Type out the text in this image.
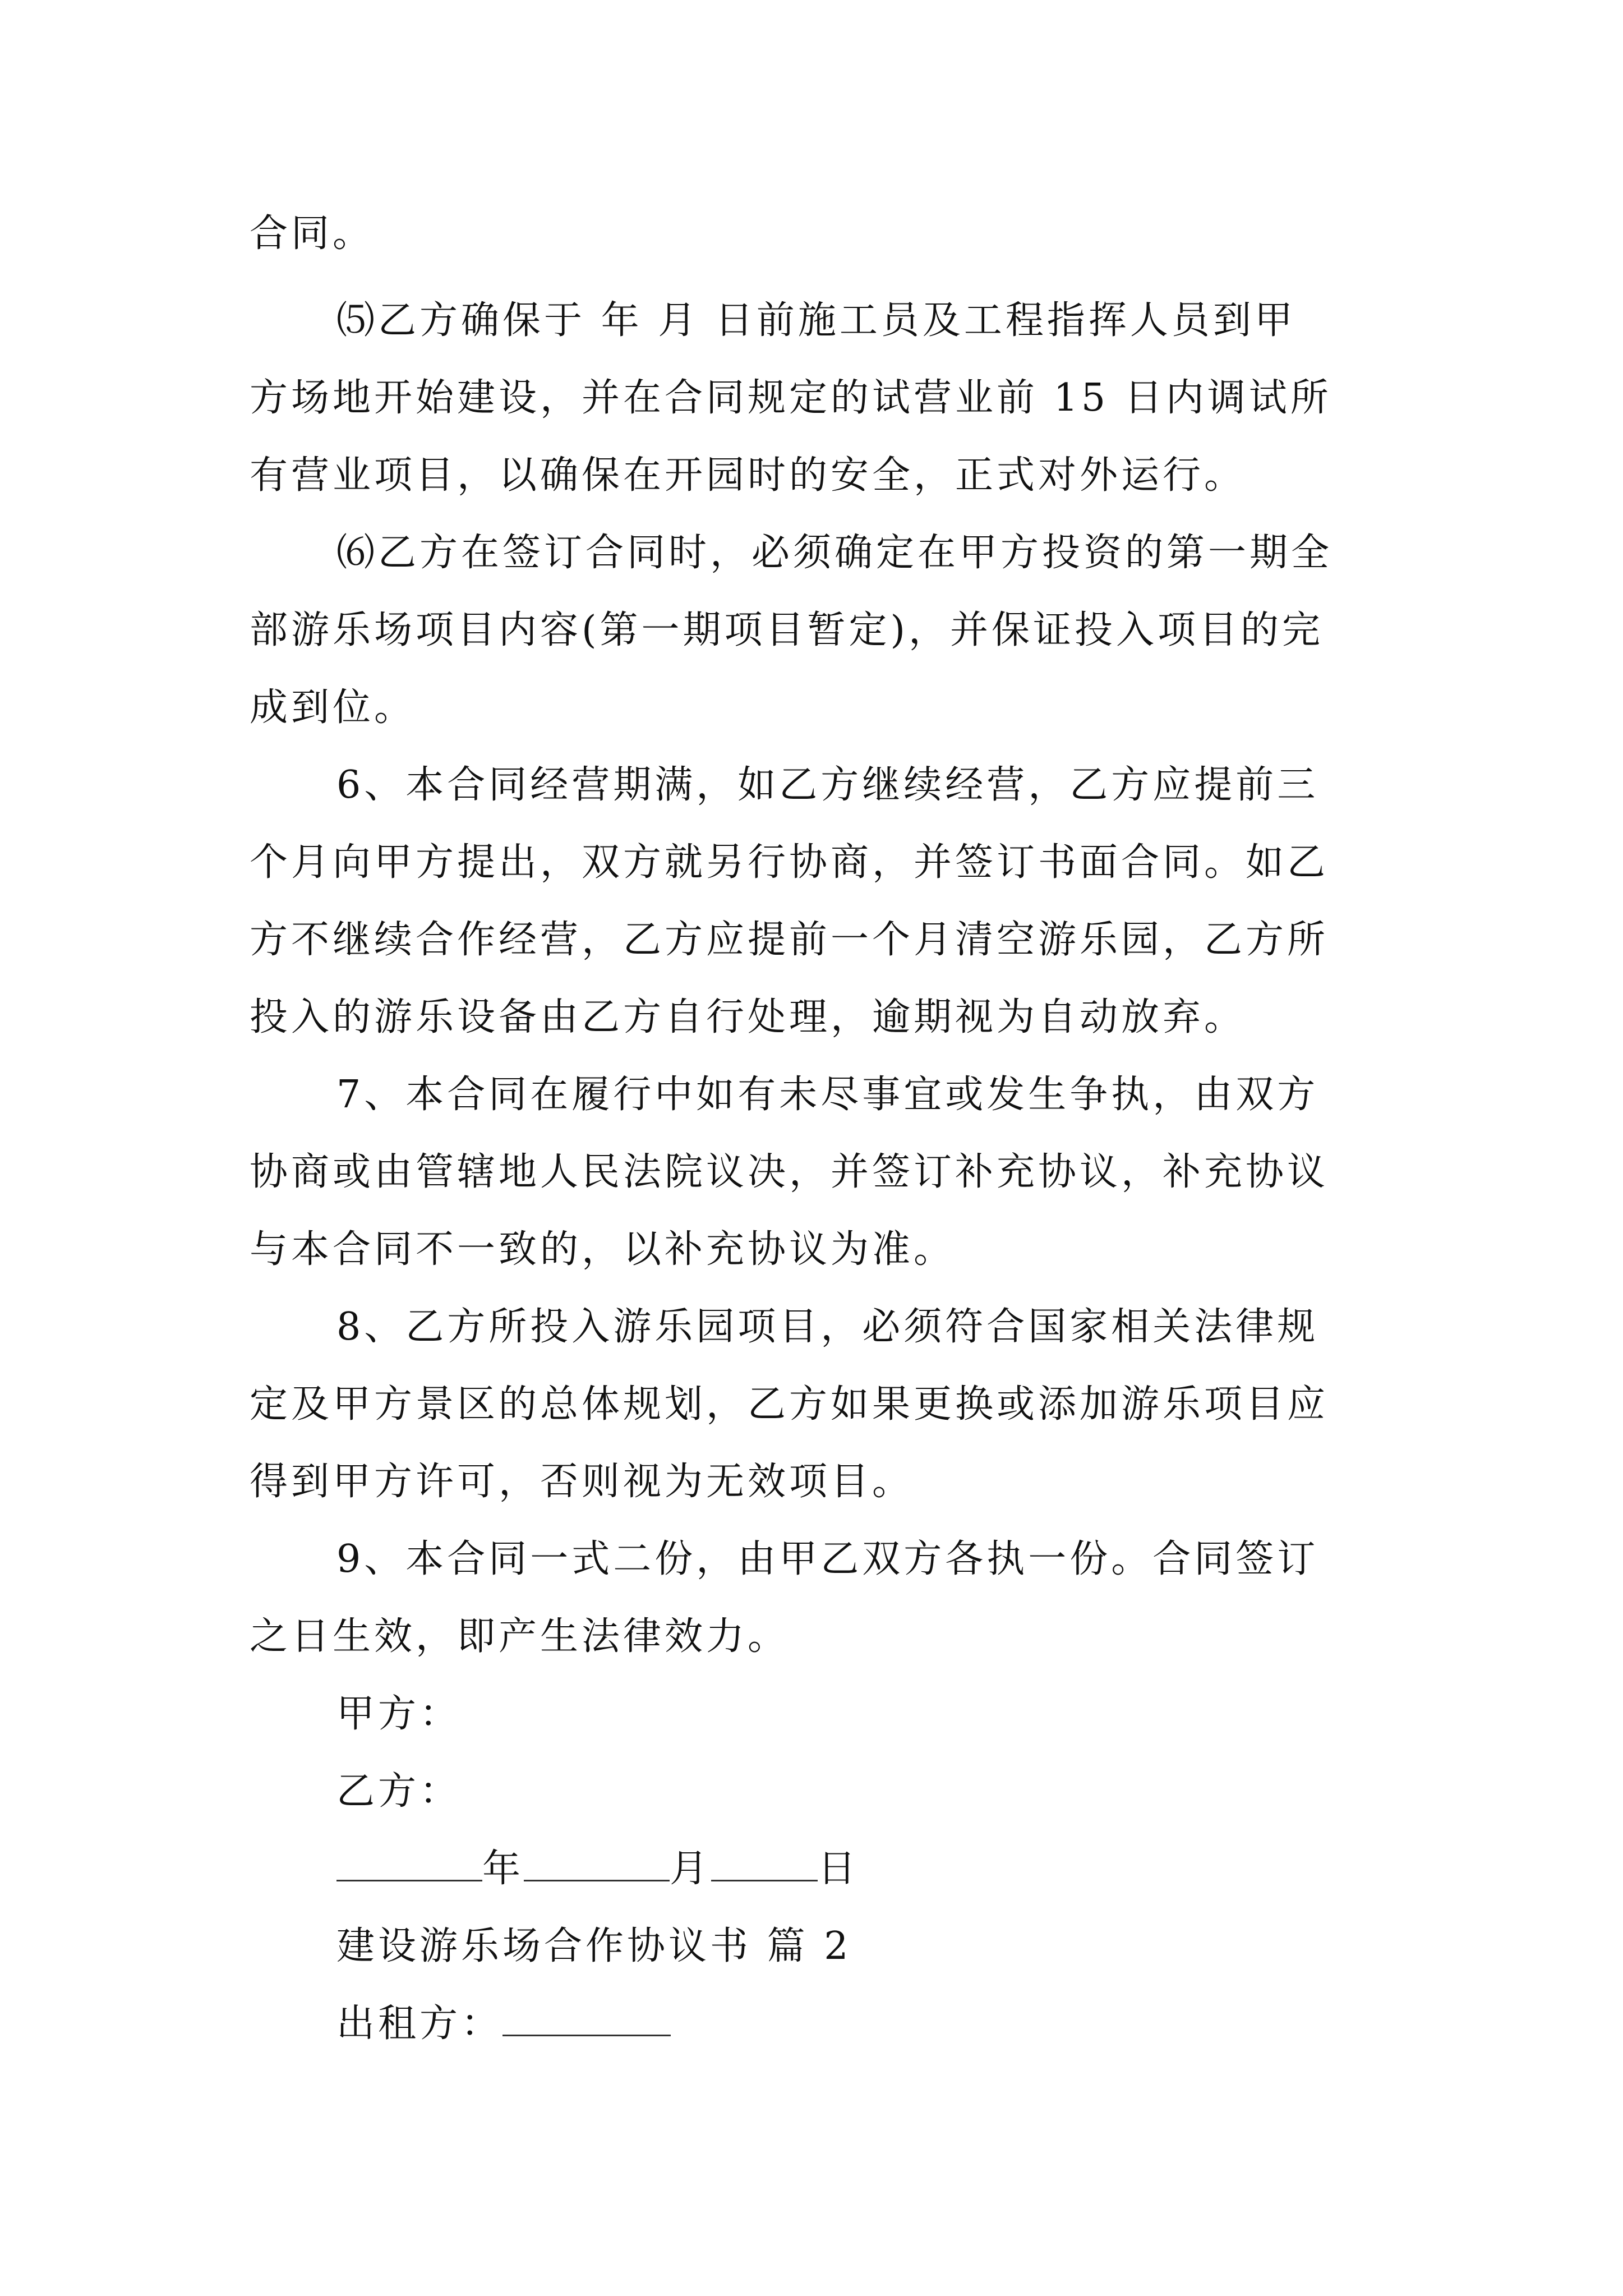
合同。
⑸乙方确保于 年 月 日前施工员及工程指挥人员到甲
方场地开始建设，并在合同规定的试营业前 15 日内调试所
有营业项目，以确保在开园时的安全，正式对外运行。
⑹乙方在签订合同时，必须确定在甲方投资的第一期全
部游乐场项目内容(第一期项目暂定)，并保证投入项目的完
成到位。
6、本合同经营期满，如乙方继续经营，乙方应提前三
个月向甲方提出，双方就另行协商，并签订书面合同。如乙
方不继续合作经营，乙方应提前一个月清空游乐园，乙方所
投入的游乐设备由乙方自行处理，逾期视为自动放弃。
7、本合同在履行中如有未尽事宜或发生争执，由双方
协商或由管辖地人民法院议决，并签订补充协议，补充协议
与本合同不一致的，以补充协议为准。
8、乙方所投入游乐园项目，必须符合国家相关法律规
定及甲方景区的总体规划，乙方如果更换或添加游乐项目应
得到甲方许可，否则视为无效项目。
9、本合同一式二份，由甲乙双方各执一份。合同签订
之日生效，即产生法律效力。
甲方：
乙方：
年	月	日
建设游乐场合作协议书 篇 2
出租方：
